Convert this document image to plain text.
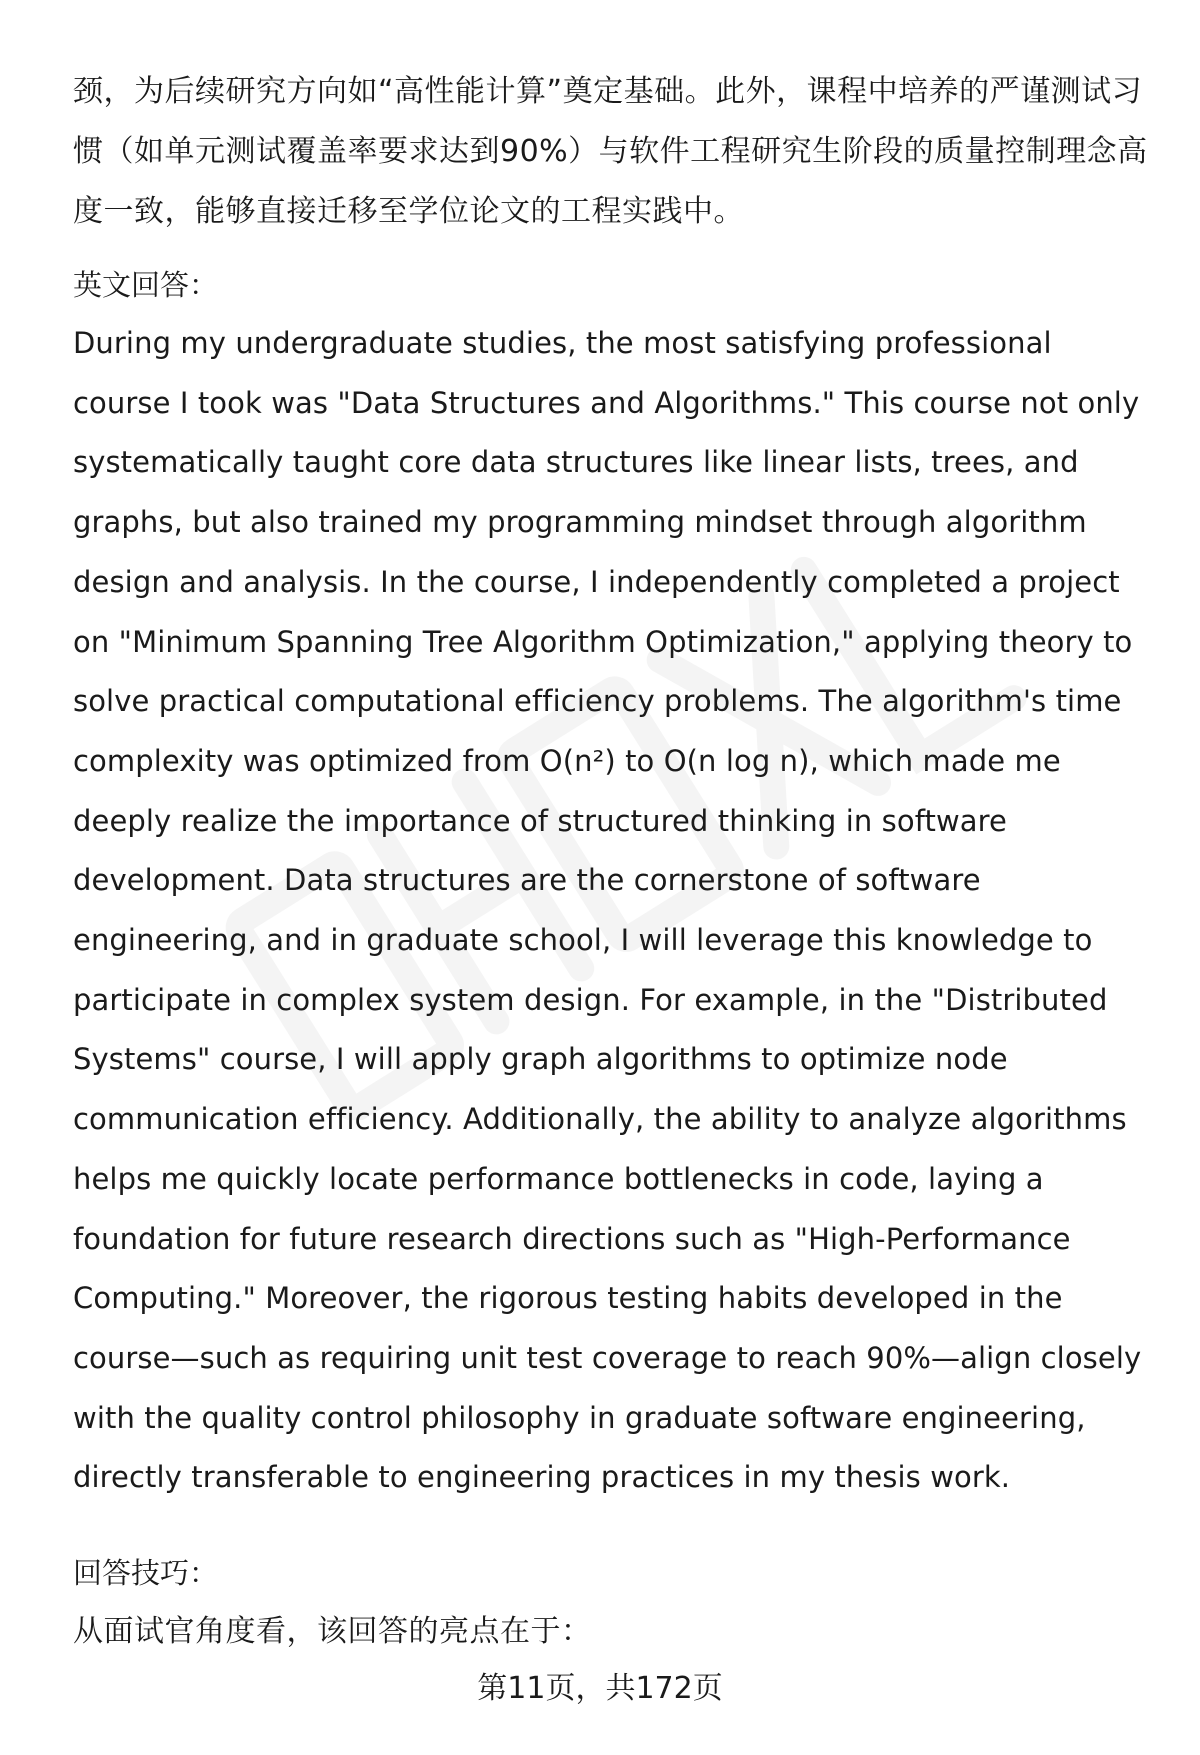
颈，为后续研究方向如“高性能计算”奠定基础。此外，课程中培养的严谨测试习惯（如单元测试覆盖率要求达到90%）与软件工程研究生阶段的质量控制理念高度一致，能够直接迁移至学位论文的工程实践中。

英文回答：

During my undergraduate studies, the most satisfying professional course I took was "Data Structures and Algorithms." This course not only systematically taught core data structures like linear lists, trees, and graphs, but also trained my programming mindset through algorithm design and analysis. In the course, I independently completed a project on "Minimum Spanning Tree Algorithm Optimization," applying theory to solve practical computational efficiency problems. The algorithm's time complexity was optimized from O(n²) to O(n log n), which made me deeply realize the importance of structured thinking in software development. Data structures are the cornerstone of software engineering, and in graduate school, I will leverage this knowledge to participate in complex system design. For example, in the "Distributed Systems" course, I will apply graph algorithms to optimize node communication efficiency. Additionally, the ability to analyze algorithms helps me quickly locate performance bottlenecks in code, laying a foundation for future research directions such as "High-Performance Computing." Moreover, the rigorous testing habits developed in the course—such as requiring unit test coverage to reach 90%—align closely with the quality control philosophy in graduate software engineering, directly transferable to engineering practices in my thesis work.

回答技巧：

从面试官角度看，该回答的亮点在于：

第11页，共172页
